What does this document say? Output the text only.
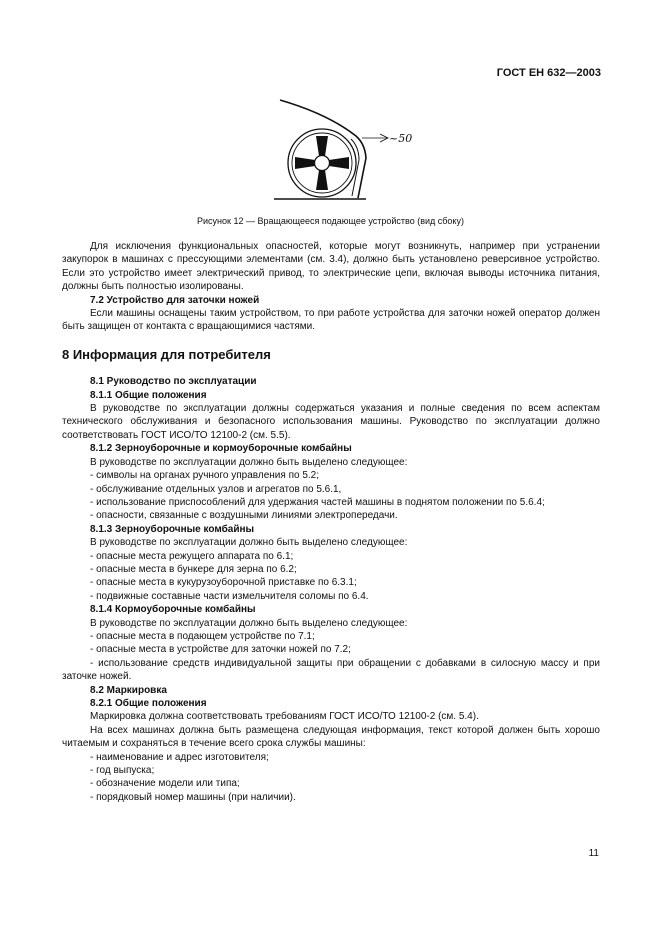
ГОСТ ЕН 632—2003
~50
Рисунок 12 — Вращающееся подающее устройство (вид сбоку)

Для исключения функциональных опасностей, которые могут возникнуть, например при устранении закупорок в машинах с прессующими элементами (см. 3.4), должно быть установлено реверсивное устройство. Если это устройство имеет электрический привод, то электрические цепи, включая выводы источника питания, должны быть полностью изолированы.

7.2 Устройство для заточки ножей

Если машины оснащены таким устройством, то при работе устройства для заточки ножей оператор должен быть защищен от контакта с вращающимися частями.

8 Информация для потребителя

8.1 Руководство по эксплуатации

8.1.1 Общие положения

В руководстве по эксплуатации должны содержаться указания и полные сведения по всем аспектам технического обслуживания и безопасного использования машины. Руководство по эксплуатации должно соответствовать ГОСТ ИСО/ТО 12100-2 (см. 5.5).

8.1.2 Зерноуборочные и кормоуборочные комбайны

В руководстве по эксплуатации должно быть выделено следующее:

- символы на органах ручного управления по 5.2;

- обслуживание отдельных узлов и агрегатов по 5.6.1,

- использование приспособлений для удержания частей машины в поднятом положении по 5.6.4;

- опасности, связанные с воздушными линиями электропередачи.

8.1.3 Зерноуборочные комбайны

В руководстве по эксплуатации должно быть выделено следующее:

- опасные места режущего аппарата по 6.1;

- опасные места в бункере для зерна по 6.2;

- опасные места в кукурузоуборочной приставке по 6.3.1;

- подвижные составные части измельчителя соломы по 6.4.

8.1.4 Кормоуборочные комбайны

В руководстве по эксплуатации должно быть выделено следующее:

- опасные места в подающем устройстве по 7.1;

- опасные места в устройстве для заточки ножей по 7.2;

- использование средств индивидуальной защиты при обращении с добавками в силосную массу и при заточке ножей.

8.2 Маркировка

8.2.1 Общие положения

Маркировка должна соответствовать требованиям ГОСТ ИСО/ТО 12100-2 (см. 5.4).

На всех машинах должна быть размещена следующая информация, текст которой должен быть хорошо читаемым и сохраняться в течение всего срока службы машины:

- наименование и адрес изготовителя;

- год выпуска;

- обозначение модели или типа;

- порядковый номер машины (при наличии).

11
